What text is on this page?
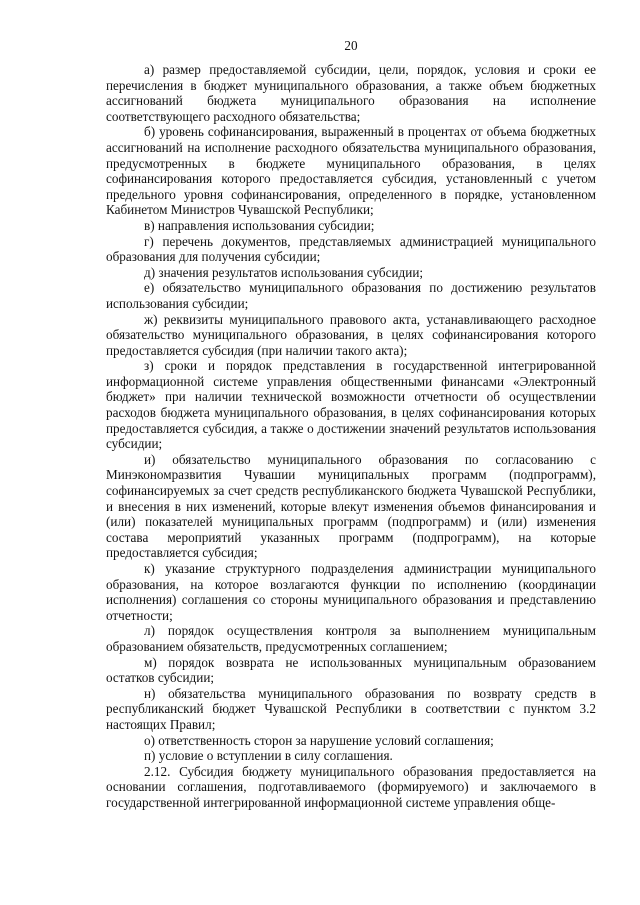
20

а) размер предоставляемой субсидии, цели, порядок, условия и сроки ее перечисления в бюджет муниципального образования, а также объем бюджетных ассигнований бюджета муниципального образования на исполнение соответствующего расходного обязательства;

б) уровень софинансирования, выраженный в процентах от объема бюджетных ассигнований на исполнение расходного обязательства муниципального образования, предусмотренных в бюджете муниципального образования, в целях софинансирования которого предоставляется субсидия, установленный с учетом предельного уровня софинансирования, определенного в порядке, установленном Кабинетом Министров Чувашской Республики;

в) направления использования субсидии;

г) перечень документов, представляемых администрацией муниципального образования для получения субсидии;

д) значения результатов использования субсидии;

е) обязательство муниципального образования по достижению результатов использования субсидии;

ж) реквизиты муниципального правового акта, устанавливающего расходное обязательство муниципального образования, в целях софинансирования которого предоставляется субсидия (при наличии такого акта);

з) сроки и порядок представления в государственной интегрированной информационной системе управления общественными финансами «Электронный бюджет» при наличии технической возможности отчетности об осуществлении расходов бюджета муниципального образования, в целях софинансирования которых предоставляется субсидия, а также о достижении значений результатов использования субсидии;

и) обязательство муниципального образования по согласованию с Минэкономразвития Чувашии муниципальных программ (подпрограмм), софинансируемых за счет средств республиканского бюджета Чувашской Республики, и внесения в них изменений, которые влекут изменения объемов финансирования и (или) показателей муниципальных программ (подпрограмм) и (или) изменения состава мероприятий указанных программ (подпрограмм), на которые предоставляется субсидия;

к) указание структурного подразделения администрации муниципального образования, на которое возлагаются функции по исполнению (координации исполнения) соглашения со стороны муниципального образования и представлению отчетности;

л) порядок осуществления контроля за выполнением муниципальным образованием обязательств, предусмотренных соглашением;

м) порядок возврата не использованных муниципальным образованием остатков субсидии;

н) обязательства муниципального образования по возврату средств в республиканский бюджет Чувашской Республики в соответствии с пунктом 3.2 настоящих Правил;

о) ответственность сторон за нарушение условий соглашения;

п) условие о вступлении в силу соглашения.

2.12. Субсидия бюджету муниципального образования предоставляется на основании соглашения, подготавливаемого (формируемого) и заключаемого в государственной интегрированной информационной системе управления обще-
